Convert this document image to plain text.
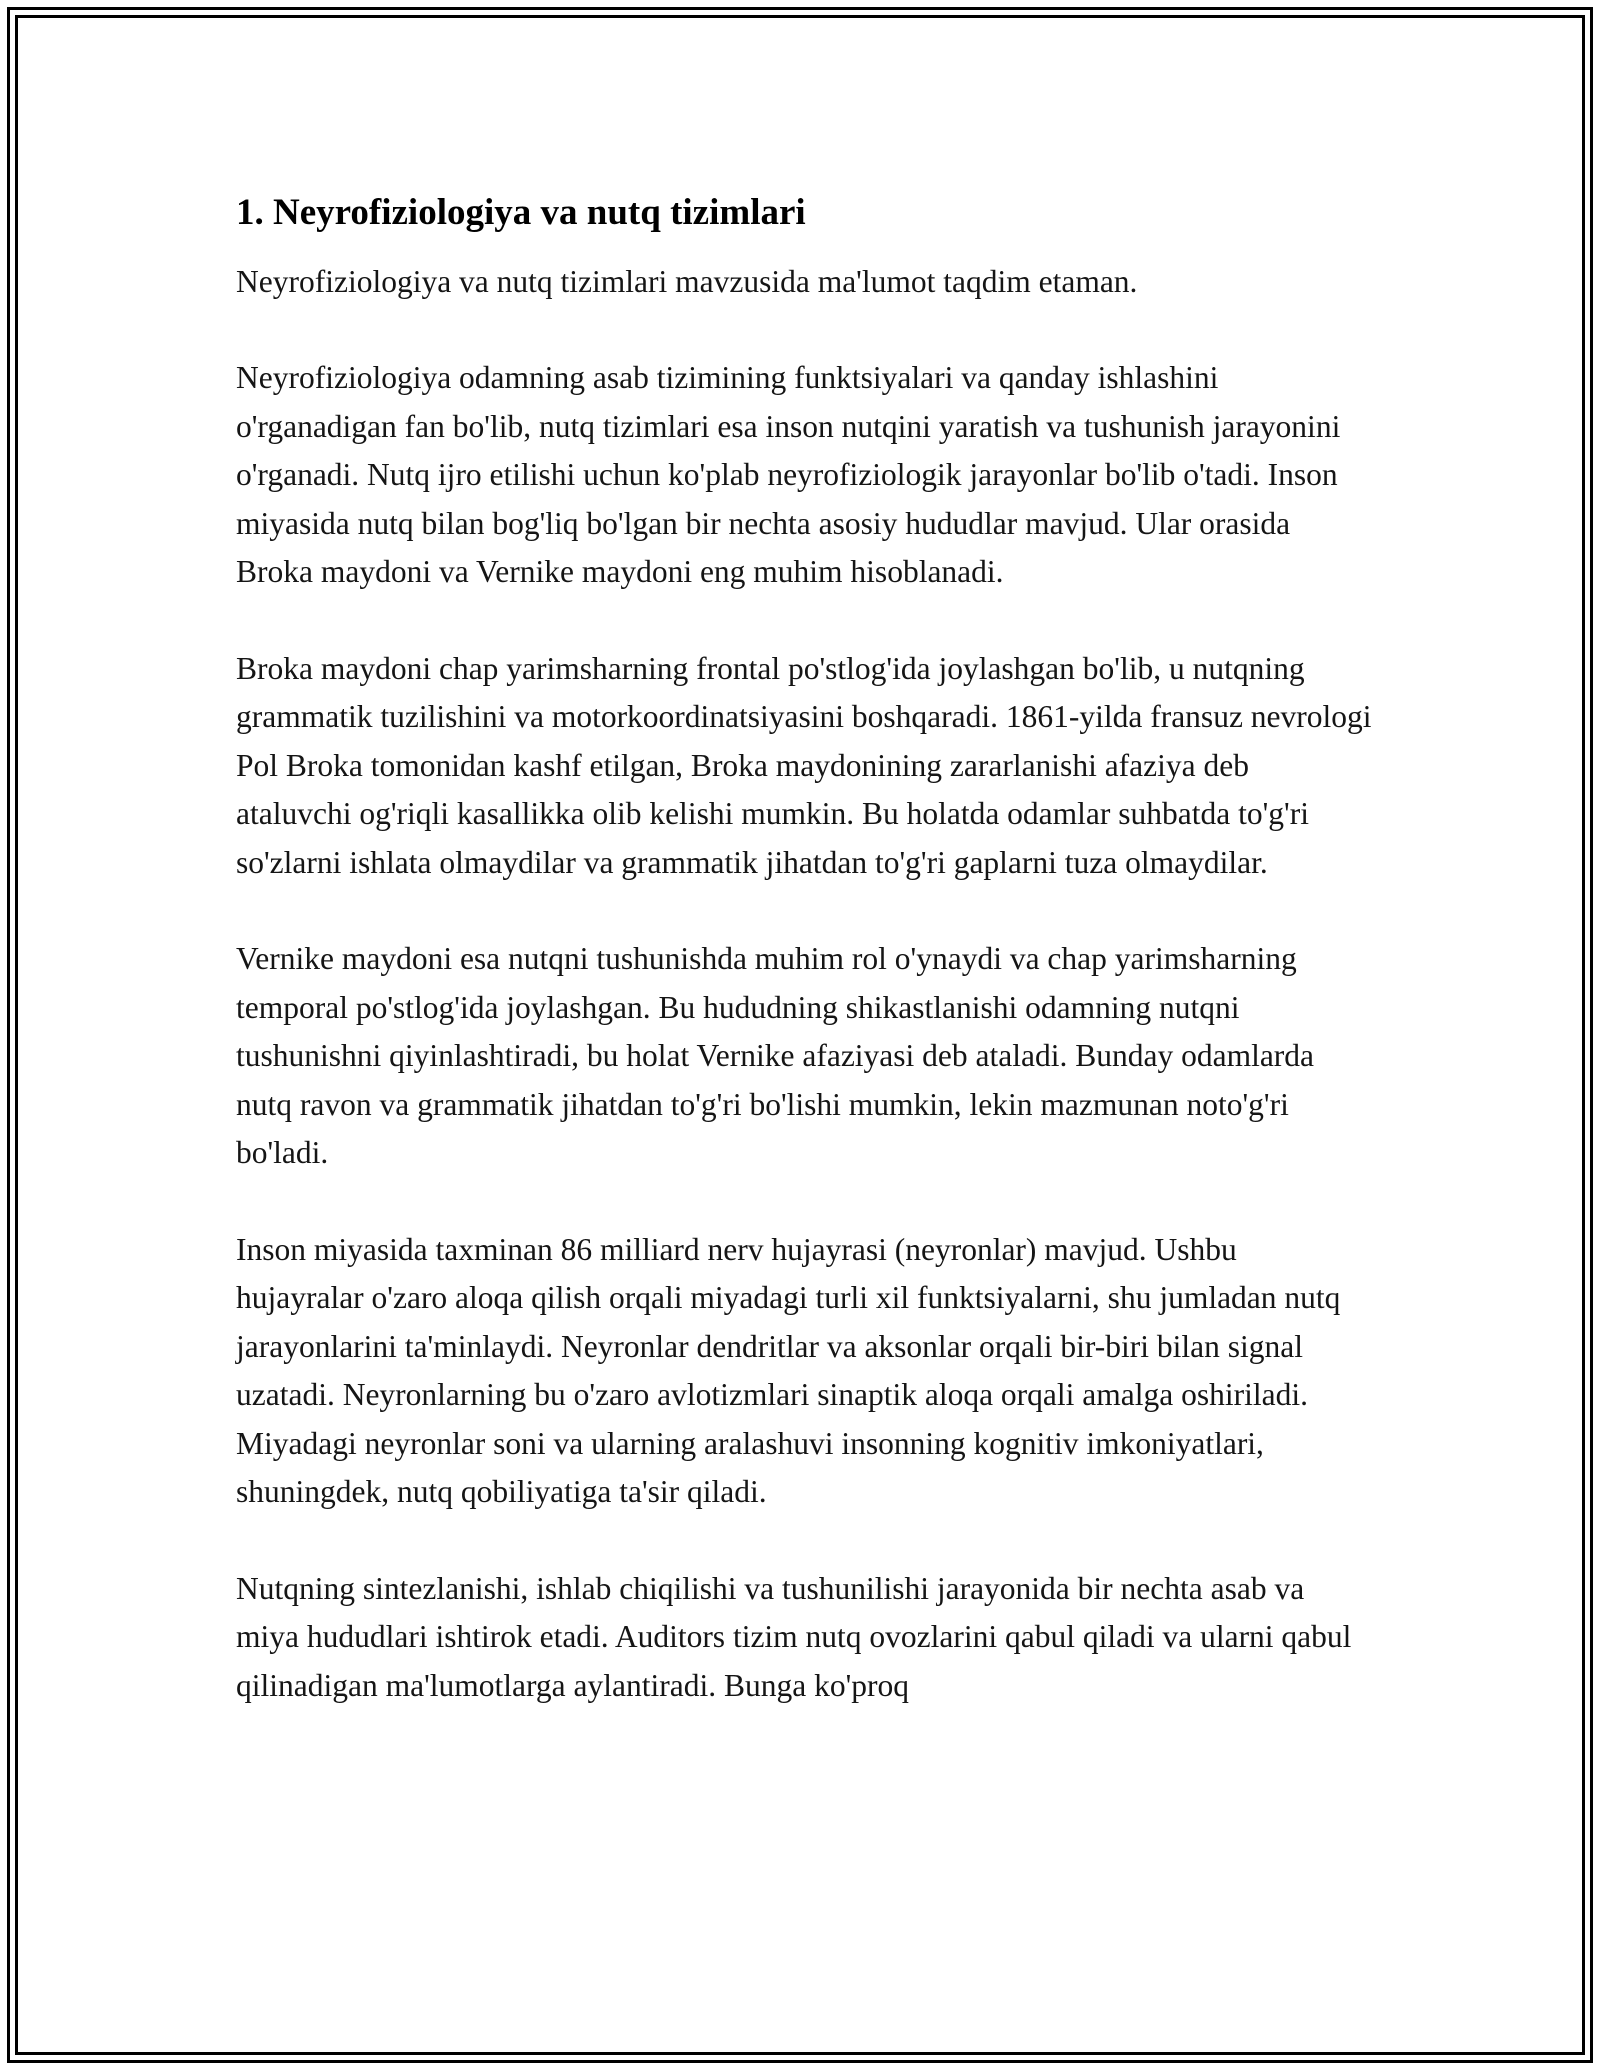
1. Neyrofiziologiya va nutq tizimlari

Neyrofiziologiya va nutq tizimlari mavzusida ma'lumot taqdim etaman.

Neyrofiziologiya odamning asab tizimining funktsiyalari va qanday ishlashini o'rganadigan fan bo'lib, nutq tizimlari esa inson nutqini yaratish va tushunish jarayonini o'rganadi. Nutq ijro etilishi uchun ko'plab neyrofiziologik jarayonlar bo'lib o'tadi. Inson miyasida nutq bilan bog'liq bo'lgan bir nechta asosiy hududlar mavjud. Ular orasida Broka maydoni va Vernike maydoni eng muhim hisoblanadi.

Broka maydoni chap yarimsharning frontal po'stlog'ida joylashgan bo'lib, u nutqning grammatik tuzilishini va motorkoordinatsiyasini boshqaradi. 1861-yilda fransuz nevrologi Pol Broka tomonidan kashf etilgan, Broka maydonining zararlanishi afaziya deb ataluvchi og'riqli kasallikka olib kelishi mumkin. Bu holatda odamlar suhbatda to'g'ri so'zlarni ishlata olmaydilar va grammatik jihatdan to'g'ri gaplarni tuza olmaydilar.

Vernike maydoni esa nutqni tushunishda muhim rol o'ynaydi va chap yarimsharning temporal po'stlog'ida joylashgan. Bu hududning shikastlanishi odamning nutqni tushunishni qiyinlashtiradi, bu holat Vernike afaziyasi deb ataladi. Bunday odamlarda nutq ravon va grammatik jihatdan to'g'ri bo'lishi mumkin, lekin mazmunan noto'g'ri bo'ladi.

Inson miyasida taxminan 86 milliard nerv hujayrasi (neyronlar) mavjud. Ushbu hujayralar o'zaro aloqa qilish orqali miyadagi turli xil funktsiyalarni, shu jumladan nutq jarayonlarini ta'minlaydi. Neyronlar dendritlar va aksonlar orqali bir-biri bilan signal uzatadi. Neyronlarning bu o'zaro avlotizmlari sinaptik aloqa orqali amalga oshiriladi. Miyadagi neyronlar soni va ularning aralashuvi insonning kognitiv imkoniyatlari, shuningdek, nutq qobiliyatiga ta'sir qiladi.

Nutqning sintezlanishi, ishlab chiqilishi va tushunilishi jarayonida bir nechta asab va miya hududlari ishtirok etadi. Auditors tizim nutq ovozlarini qabul qiladi va ularni qabul qilinadigan ma'lumotlarga aylantiradi. Bunga ko'proq
